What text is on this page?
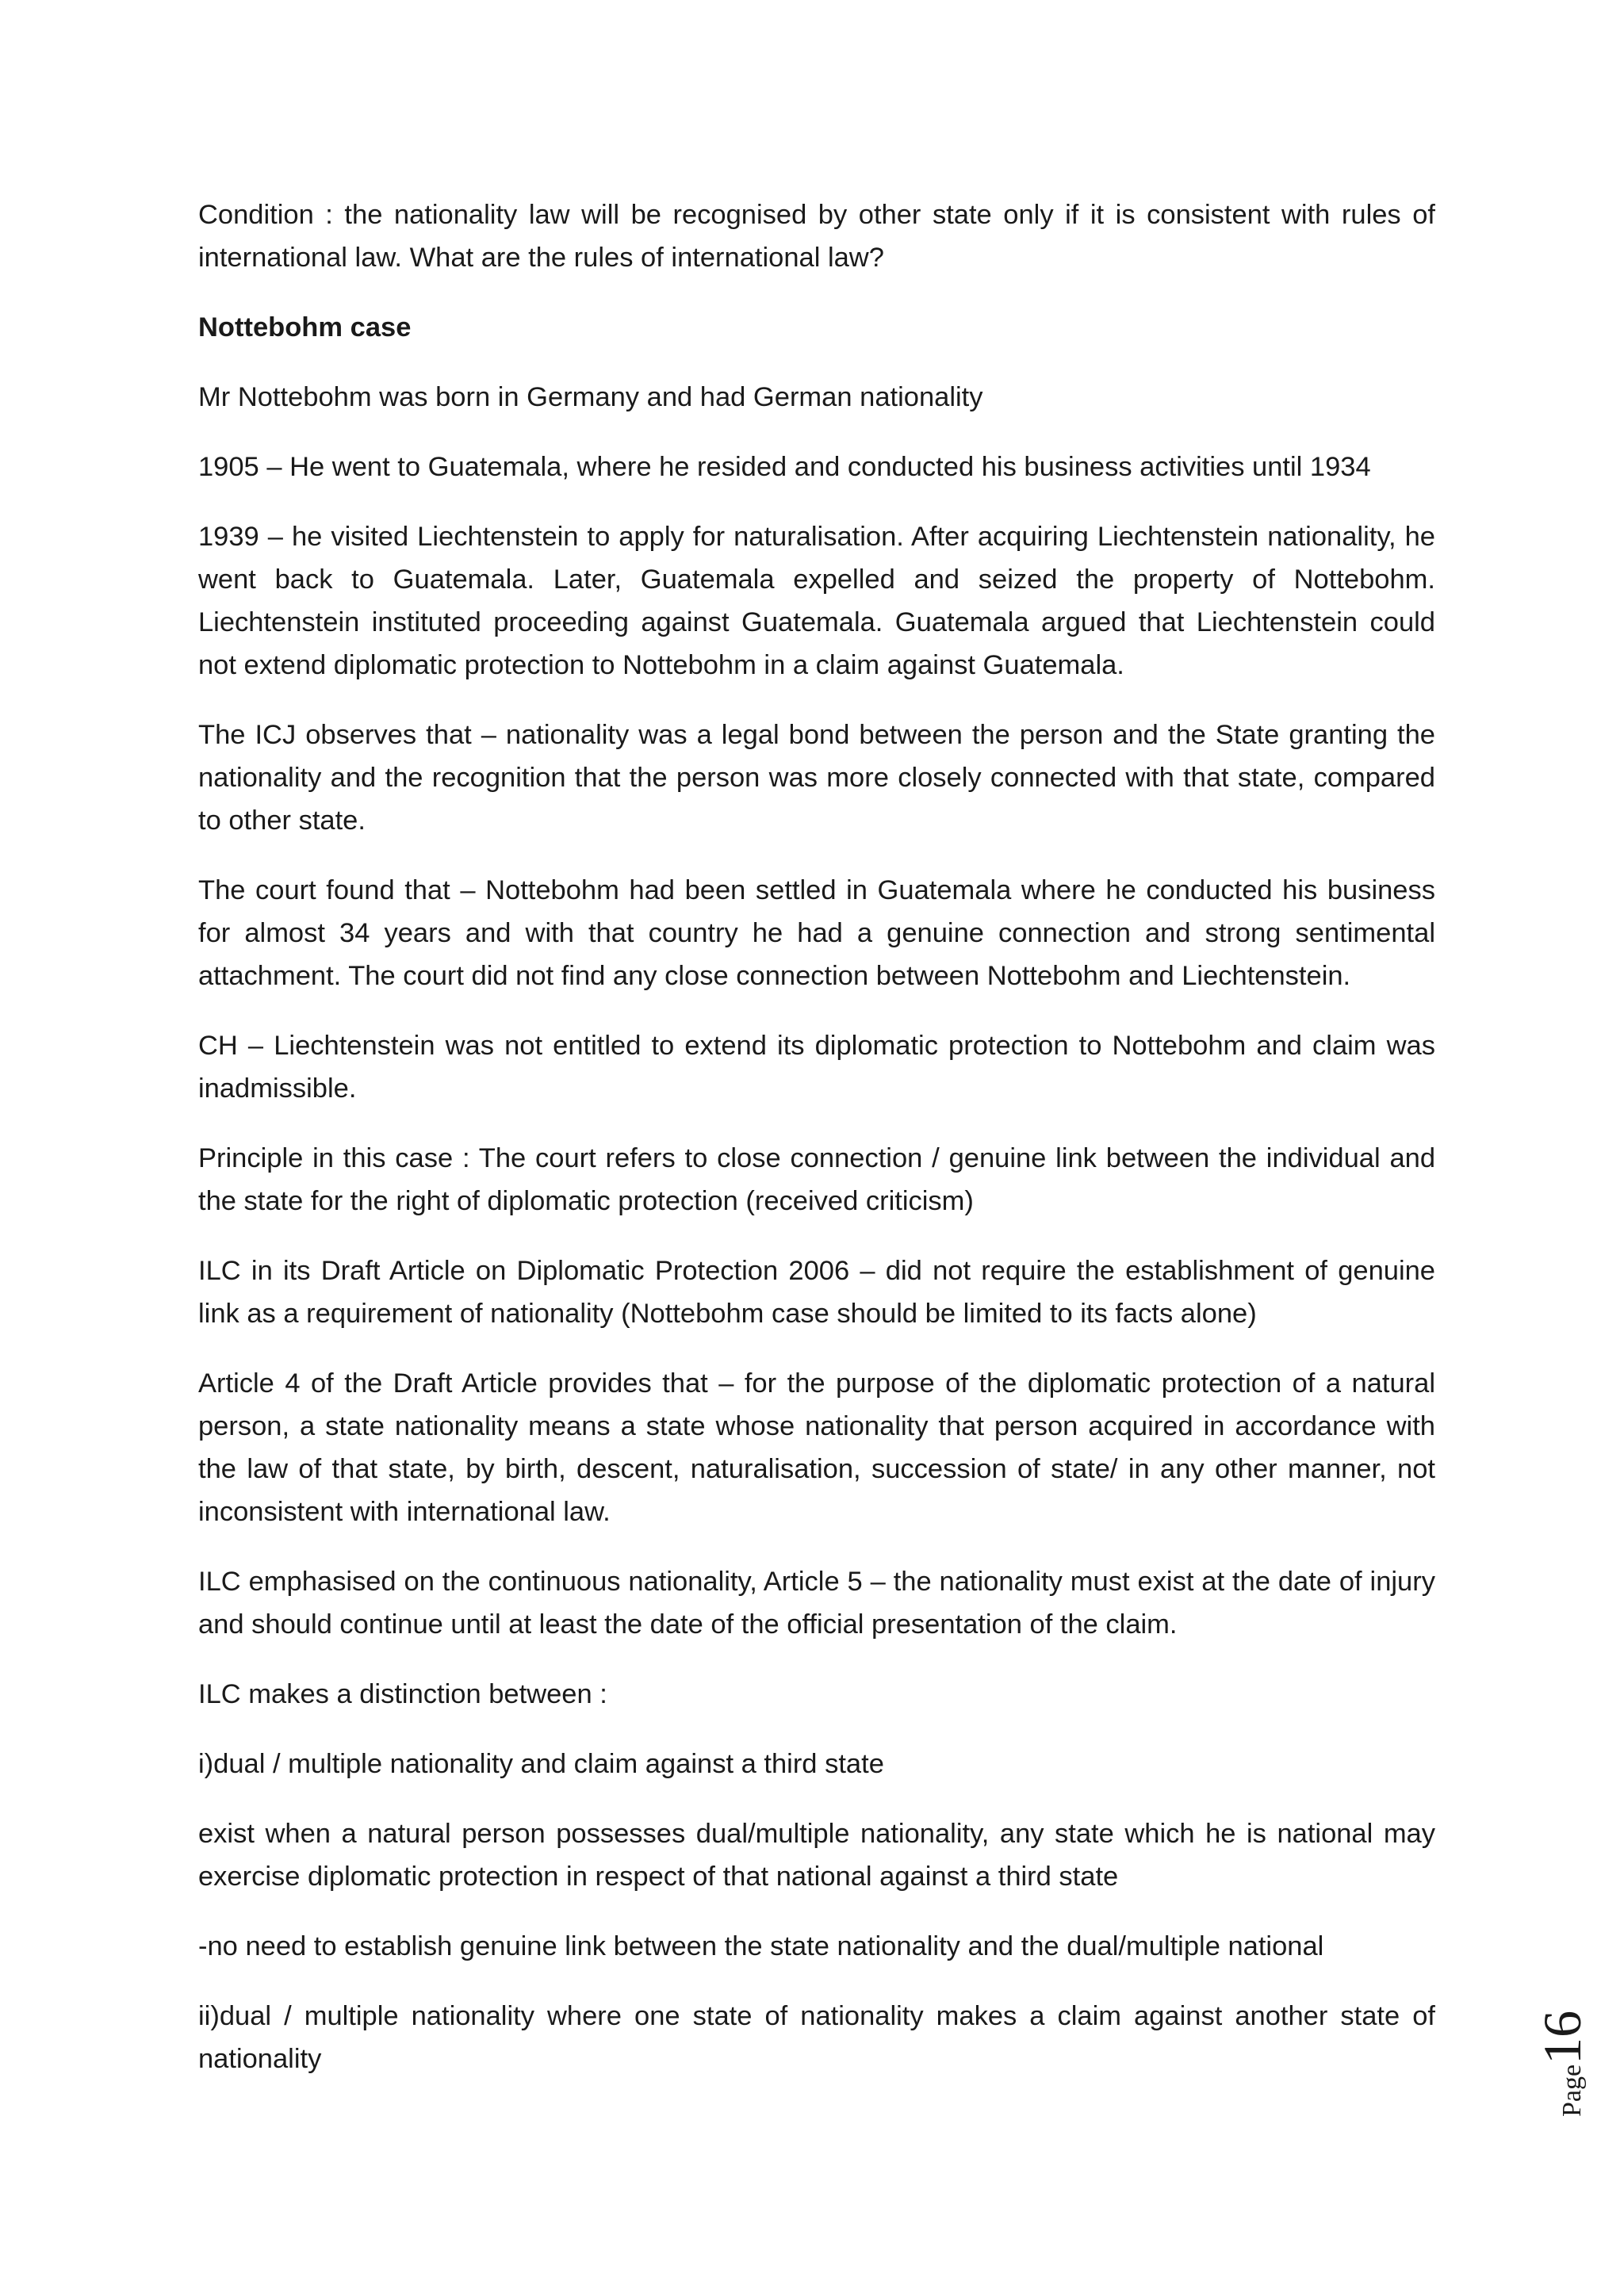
Condition : the nationality law will be recognised by other state only if it is consistent with rules of international law. What are the rules of international law?

Nottebohm case

Mr Nottebohm was born in Germany and had German nationality

1905 – He went to Guatemala, where he resided and conducted his business activities until 1934

1939 – he visited Liechtenstein to apply for naturalisation. After acquiring Liechtenstein nationality, he went back to Guatemala. Later, Guatemala expelled and seized the property of Nottebohm. Liechtenstein instituted proceeding against Guatemala. Guatemala argued that Liechtenstein could not extend diplomatic protection to Nottebohm in a claim against Guatemala.

The ICJ observes that – nationality was a legal bond between the person and the State granting the nationality and the recognition that the person was more closely connected with that state, compared to other state.

The court found that – Nottebohm had been settled in Guatemala where he conducted his business for almost 34 years and with that country he had a genuine connection and strong sentimental attachment. The court did not find any close connection between Nottebohm and Liechtenstein.

CH – Liechtenstein was not entitled to extend its diplomatic protection to Nottebohm and claim was inadmissible.

Principle in this case : The court refers to close connection / genuine link between the individual and the state for the right of diplomatic protection (received criticism)

ILC in its Draft Article on Diplomatic Protection 2006 – did not require the establishment of genuine link as a requirement of nationality (Nottebohm case should be limited to its facts alone)

Article 4 of the Draft Article provides that – for the purpose of the diplomatic protection of a natural person, a state nationality means a state whose nationality that person acquired in accordance with the law of that state, by birth, descent, naturalisation, succession of state/ in any other manner, not inconsistent with international law.

ILC emphasised on the continuous nationality, Article 5 – the nationality must exist at the date of injury and should continue until at least the date of the official presentation of the claim.

ILC makes a distinction between :

i)dual / multiple nationality and claim against a third state

exist when a natural person possesses dual/multiple nationality, any state which he is national may exercise diplomatic protection in respect of that national against a third state

-no need to establish genuine link between the state nationality and the dual/multiple national

ii)dual / multiple nationality where one state of nationality makes a claim against another state of nationality

Page16
